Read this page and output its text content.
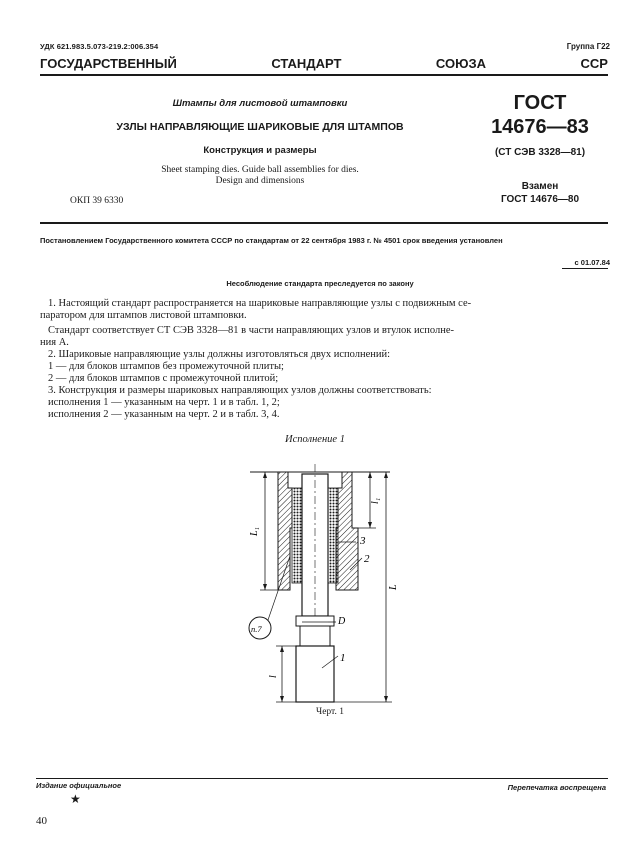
УДК 621.983.5.073-219.2:006.354	Группа Г22
ГОСУДАРСТВЕННЫЙ	СТАНДАРТ	СОЮЗА	ССР
Штампы для листовой штамповки
УЗЛЫ НАПРАВЛЯЮЩИЕ ШАРИКОВЫЕ ДЛЯ ШТАМПОВ
Конструкция и размеры
Sheet stamping dies. Guide ball assemblies for dies.
Design and dimensions
ОКП 39 6330
ГОСТ
14676—83
(СТ СЭВ 3328—81)
Взамен
ГОСТ 14676—80
Постановлением Государственного комитета СССР по стандартам от 22 сентября 1983 г. № 4501 срок введения установлен
с 01.07.84
Несоблюдение стандарта преследуется по закону
1. Настоящий стандарт распространяется на шариковые направляющие узлы с подвижным се-
паратором для штампов листовой штамповки.
Стандарт соответствует СТ СЭВ 3328—81 в части направляющих узлов и втулок исполне-
ния А.
2. Шариковые направляющие узлы должны изготовляться двух исполнений:
1 — для блоков штампов без промежуточной плиты;
2 — для блоков штампов с промежуточной плитой;
3. Конструкция и размеры шариковых направляющих узлов должны соответствовать:
исполнения 1 — указанным на черт. 1 и в табл. 1, 2;
исполнения 2 — указанным на черт. 2 и в табл. 3, 4.
Исполнение 1
L₁
l₁
L
l
D
п.7
3
2
1
Черт. 1
Издание официальное
★
Перепечатка воспрещена
40
